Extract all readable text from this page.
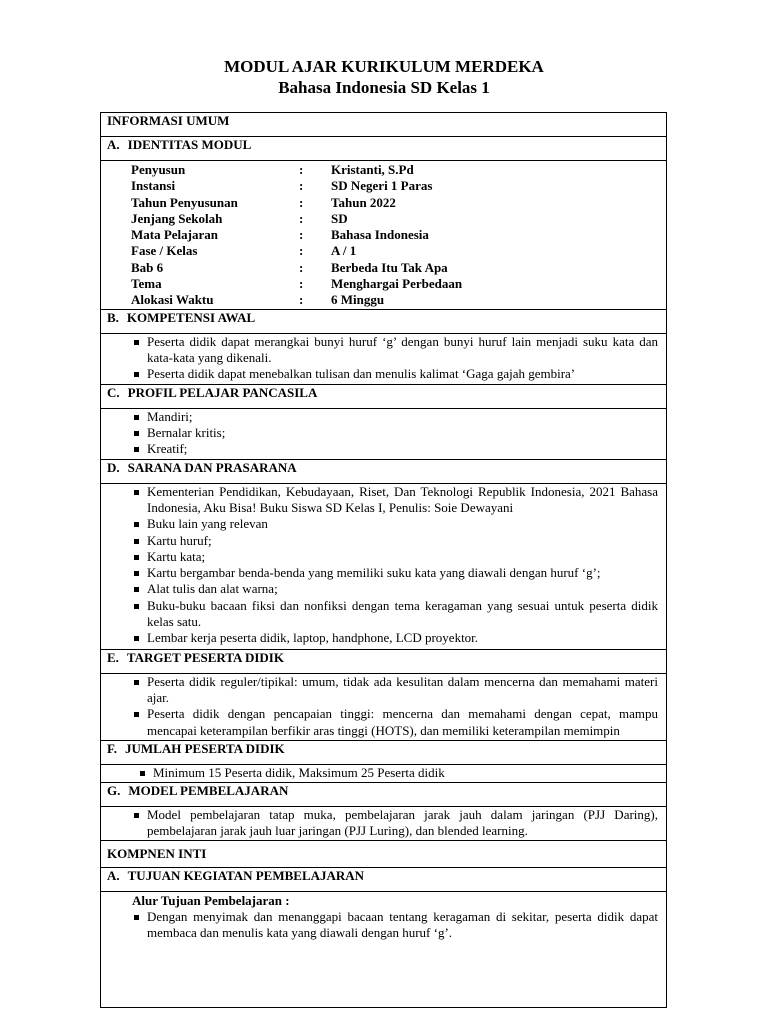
MODUL AJAR KURIKULUM MERDEKA
Bahasa Indonesia SD Kelas 1
INFORMASI UMUM
A. IDENTITAS MODUL

Penyusun	:	Kristanti, S.Pd
Instansi	:	SD Negeri 1 Paras
Tahun Penyusunan	:	Tahun 2022
Jenjang Sekolah	:	SD
Mata Pelajaran	:	Bahasa Indonesia
Fase / Kelas	:	A / 1
Bab 6	:	Berbeda Itu Tak Apa
Tema	:	Menghargai Perbedaan
Alokasi Waktu	:	6 Minggu

B. KOMPETENSI AWAL

Peserta didik dapat merangkai bunyi huruf ‘g’ dengan bunyi huruf lain menjadi suku kata dan kata-kata yang dikenali.
Peserta didik dapat menebalkan tulisan dan menulis kalimat ‘Gaga gajah gembira’

C. PROFIL PELAJAR PANCASILA

Mandiri;
Bernalar kritis;
Kreatif;

D. SARANA DAN PRASARANA

Kementerian Pendidikan, Kebudayaan, Riset, Dan Teknologi Republik Indonesia, 2021 Bahasa Indonesia, Aku Bisa! Buku Siswa SD Kelas I, Penulis: Soie Dewayani
Buku lain yang relevan
Kartu huruf;
Kartu kata;
Kartu bergambar benda-benda yang memiliki suku kata yang diawali dengan huruf ‘g’;
Alat tulis dan alat warna;
Buku-buku bacaan fiksi dan nonfiksi dengan tema keragaman yang sesuai untuk peserta didik kelas satu.
Lembar kerja peserta didik, laptop, handphone, LCD proyektor.

E. TARGET PESERTA DIDIK

Peserta didik reguler/tipikal: umum, tidak ada kesulitan dalam mencerna dan memahami materi ajar.
Peserta didik dengan pencapaian tinggi: mencerna dan memahami dengan cepat, mampu mencapai keterampilan berfikir aras tinggi (HOTS), dan memiliki keterampilan memimpin

F. JUMLAH PESERTA DIDIK

Minimum 15 Peserta didik, Maksimum 25 Peserta didik

G. MODEL PEMBELAJARAN

Model pembelajaran tatap muka, pembelajaran jarak jauh dalam jaringan (PJJ Daring), pembelajaran jarak jauh luar jaringan (PJJ Luring), dan blended learning.

KOMPNEN INTI
A. TUJUAN KEGIATAN PEMBELAJARAN

Alur Tujuan Pembelajaran :
Dengan menyimak dan menanggapi bacaan tentang keragaman di sekitar, peserta didik dapat membaca dan menulis kata yang diawali dengan huruf ‘g’.
